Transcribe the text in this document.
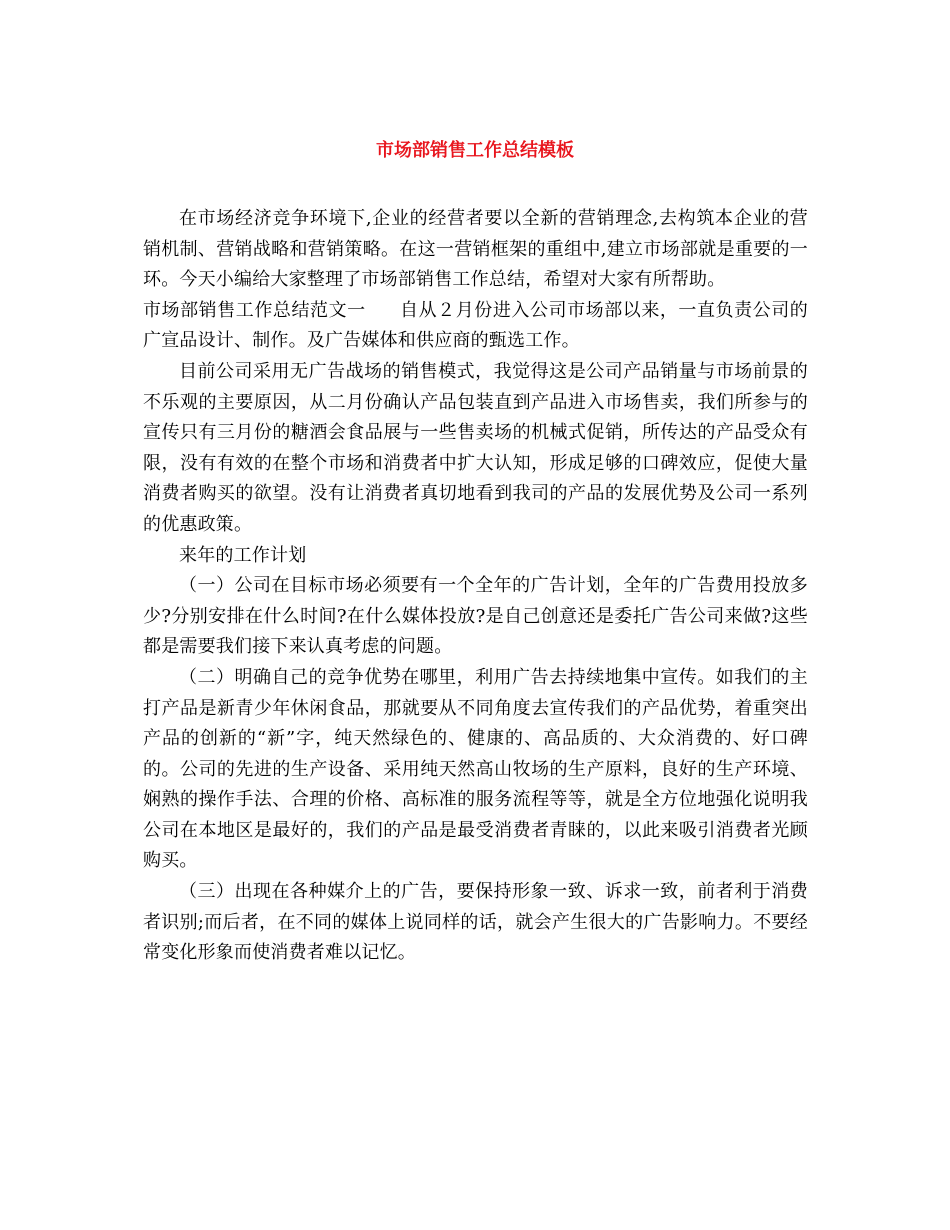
市场部销售工作总结模板

在市场经济竞争环境下,企业的经营者要以全新的营销理念,去构筑本企业的营销机制、营销战略和营销策略。在这一营销框架的重组中,建立市场部就是重要的一环。今天小编给大家整理了市场部销售工作总结，希望对大家有所帮助。

市场部销售工作总结范文一 自从２月份进入公司市场部以来，一直负责公司的广宣品设计、制作。及广告媒体和供应商的甄选工作。

目前公司采用无广告战场的销售模式，我觉得这是公司产品销量与市场前景的不乐观的主要原因，从二月份确认产品包装直到产品进入市场售卖，我们所参与的宣传只有三月份的糖酒会食品展与一些售卖场的机械式促销，所传达的产品受众有限，没有有效的在整个市场和消费者中扩大认知，形成足够的口碑效应，促使大量消费者购买的欲望。没有让消费者真切地看到我司的产品的发展优势及公司一系列的优惠政策。

来年的工作计划

（一）公司在目标市场必须要有一个全年的广告计划，全年的广告费用投放多少?分别安排在什么时间?在什么媒体投放?是自己创意还是委托广告公司来做?这些都是需要我们接下来认真考虑的问题。

（二）明确自己的竞争优势在哪里，利用广告去持续地集中宣传。如我们的主打产品是新青少年休闲食品，那就要从不同角度去宣传我们的产品优势，着重突出产品的创新的“新”字，纯天然绿色的、健康的、高品质的、大众消费的、好口碑的。公司的先进的生产设备、采用纯天然高山牧场的生产原料，良好的生产环境、娴熟的操作手法、合理的价格、高标准的服务流程等等，就是全方位地强化说明我公司在本地区是最好的，我们的产品是最受消费者青睐的，以此来吸引消费者光顾购买。

（三）出现在各种媒介上的广告，要保持形象一致、诉求一致，前者利于消费者识别;而后者，在不同的媒体上说同样的话，就会产生很大的广告影响力。不要经常变化形象而使消费者难以记忆。
